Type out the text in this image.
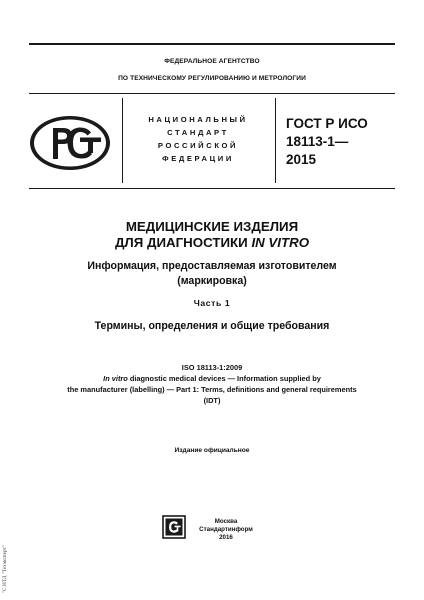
ФЕДЕРАЛЬНОЕ АГЕНТСТВО
ПО ТЕХНИЧЕСКОМУ РЕГУЛИРОВАНИЮ И МЕТРОЛОГИИ
НАЦИОНАЛЬНЫЙ
СТАНДАРТ
РОССИЙСКОЙ
ФЕДЕРАЦИИ
ГОСТ Р ИСО
18113-1—
2015
МЕДИЦИНСКИЕ ИЗДЕЛИЯ
ДЛЯ ДИАГНОСТИКИ IN VITRO
Информация, предоставляемая изготовителем
(маркировка)
Часть 1
Термины, определения и общие требования
ISO 18113-1:2009
In vitro diagnostic medical devices — Information supplied by
the manufacturer (labelling) — Part 1: Terms, definitions and general requirements
(IDT)
Издание официальное
Москва
Стандартинформ
2016
"С НТД "Техэксперт"
